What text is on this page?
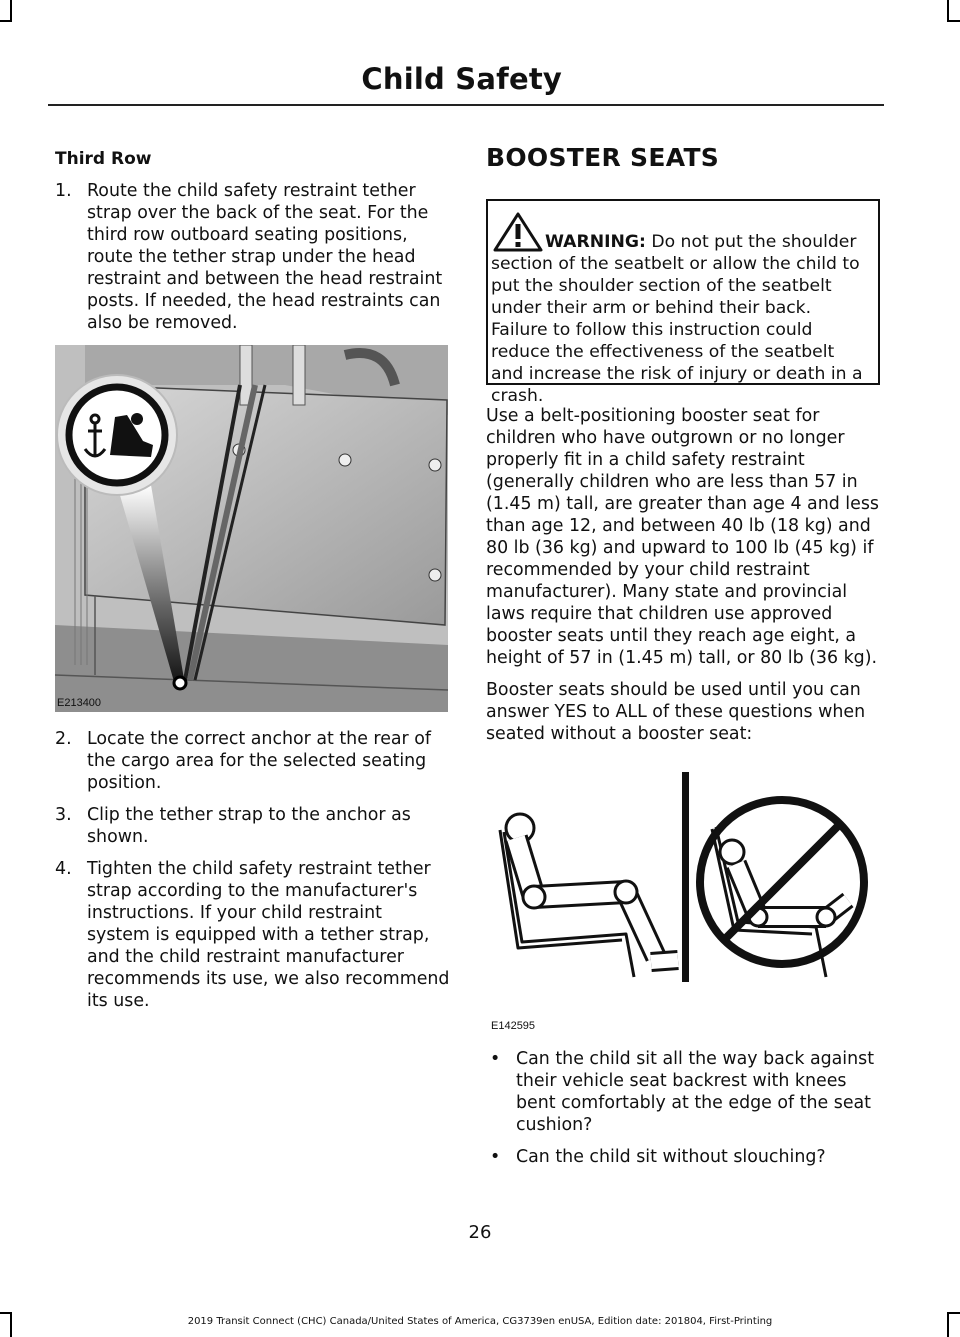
Child Safety

Third Row

1. Route the child safety restraint tether strap over the back of the seat. For the third row outboard seating positions, route the tether strap under the head restraint and between the head restraint posts. If needed, the head restraints can also be removed.
E213400
2. Locate the correct anchor at the rear of the cargo area for the selected seating position.
3. Clip the tether strap to the anchor as shown.
4. Tighten the child safety restraint tether strap according to the manufacturer's instructions. If your child restraint system is equipped with a tether strap, and the child restraint manufacturer recommends its use, we also recommend its use.

BOOSTER SEATS

WARNING: Do not put the shoulder section of the seatbelt or allow the child to put the shoulder section of the seatbelt under their arm or behind their back. Failure to follow this instruction could reduce the effectiveness of the seatbelt and increase the risk of injury or death in a crash.

Use a belt-positioning booster seat for children who have outgrown or no longer properly fit in a child safety restraint (generally children who are less than 57 in (1.45 m) tall, are greater than age 4 and less than age 12, and between 40 lb (18 kg) and 80 lb (36 kg) and upward to 100 lb (45 kg) if recommended by your child restraint manufacturer). Many state and provincial laws require that children use approved booster seats until they reach age eight, a height of 57 in (1.45 m) tall, or 80 lb (36 kg).

Booster seats should be used until you can answer YES to ALL of these questions when seated without a booster seat:

E142595
• Can the child sit all the way back against their vehicle seat backrest with knees bent comfortably at the edge of the seat cushion?
• Can the child sit without slouching?
26
2019 Transit Connect (CHC) Canada/United States of America, CG3739en enUSA, Edition date: 201804, First-Printing
